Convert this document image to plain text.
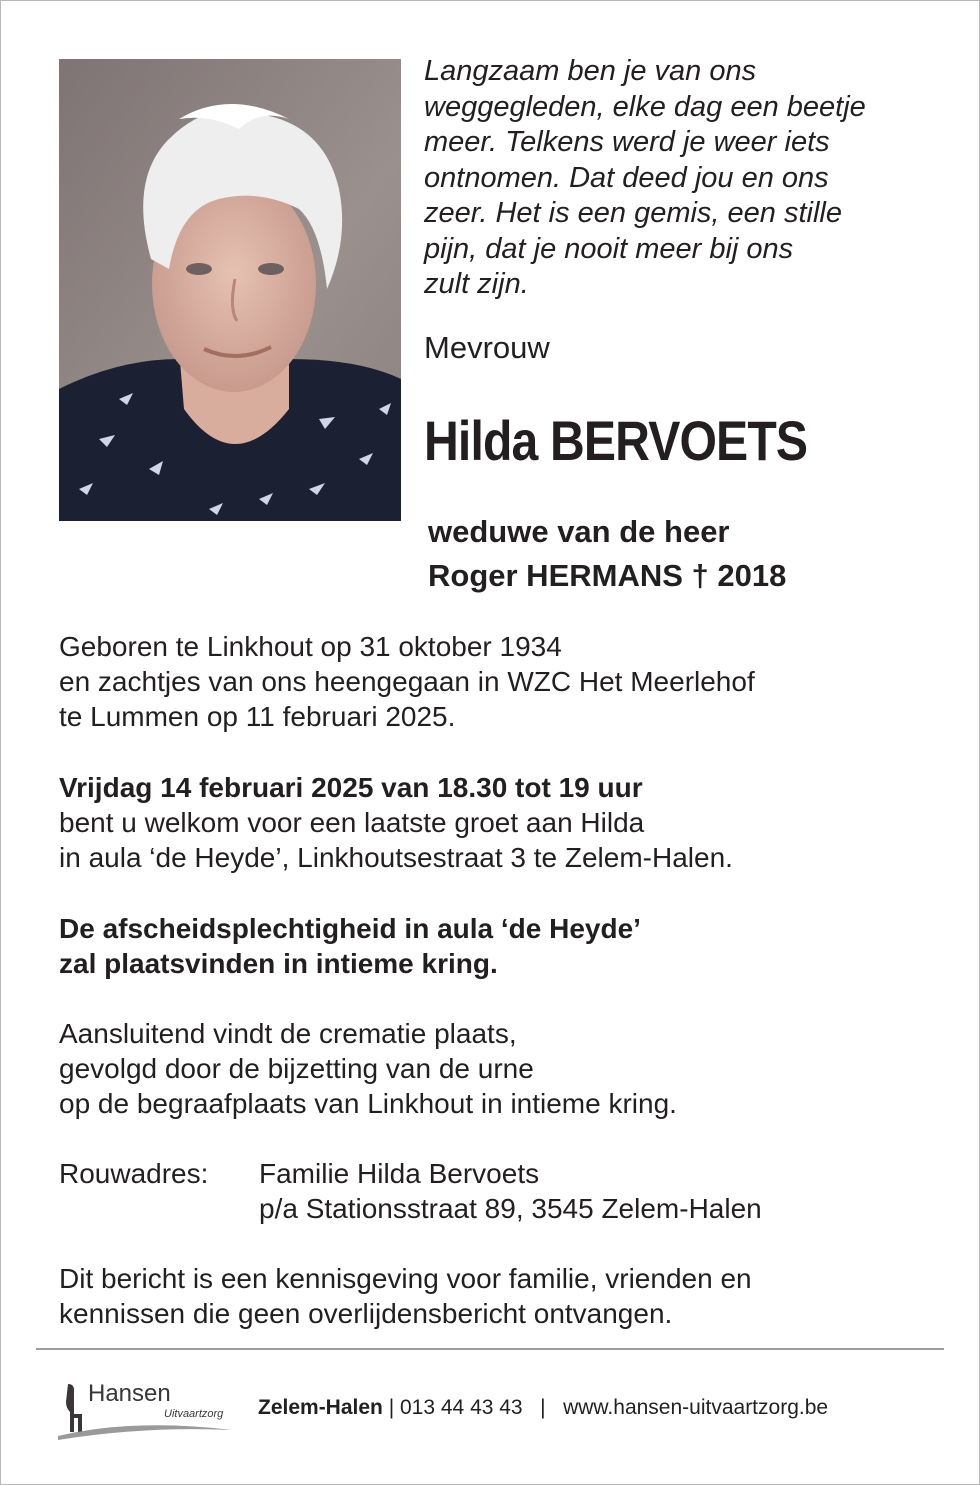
Langzaam ben je van ons
weggegleden, elke dag een beetje
meer. Telkens werd je weer iets
ontnomen. Dat deed jou en ons
zeer. Het is een gemis, een stille
pijn, dat je nooit meer bij ons
zult zijn.
Mevrouw
Hilda BERVOETS
weduwe van de heer
Roger HERMANS † 2018
Geboren te Linkhout op 31 oktober 1934
en zachtjes van ons heengegaan in WZC Het Meerlehof
te Lummen op 11 februari 2025.
Vrijdag 14 februari 2025 van 18.30 tot 19 uur
bent u welkom voor een laatste groet aan Hilda
in aula ‘de Heyde’, Linkhoutsestraat 3 te Zelem-Halen.
De afscheidsplechtigheid in aula ‘de Heyde’
zal plaatsvinden in intieme kring.
Aansluitend vindt de crematie plaats,
gevolgd door de bijzetting van de urne
op de begraafplaats van Linkhout in intieme kring.
Rouwadres: Familie Hilda Bervoets
p/a Stationsstraat 89, 3545 Zelem-Halen
Dit bericht is een kennisgeving voor familie, vrienden en
kennissen die geen overlijdensbericht ontvangen.
Hansen
Uitvaartzorg Zelem-Halen | 013 44 43 43   |   www.hansen-uitvaartzorg.be
